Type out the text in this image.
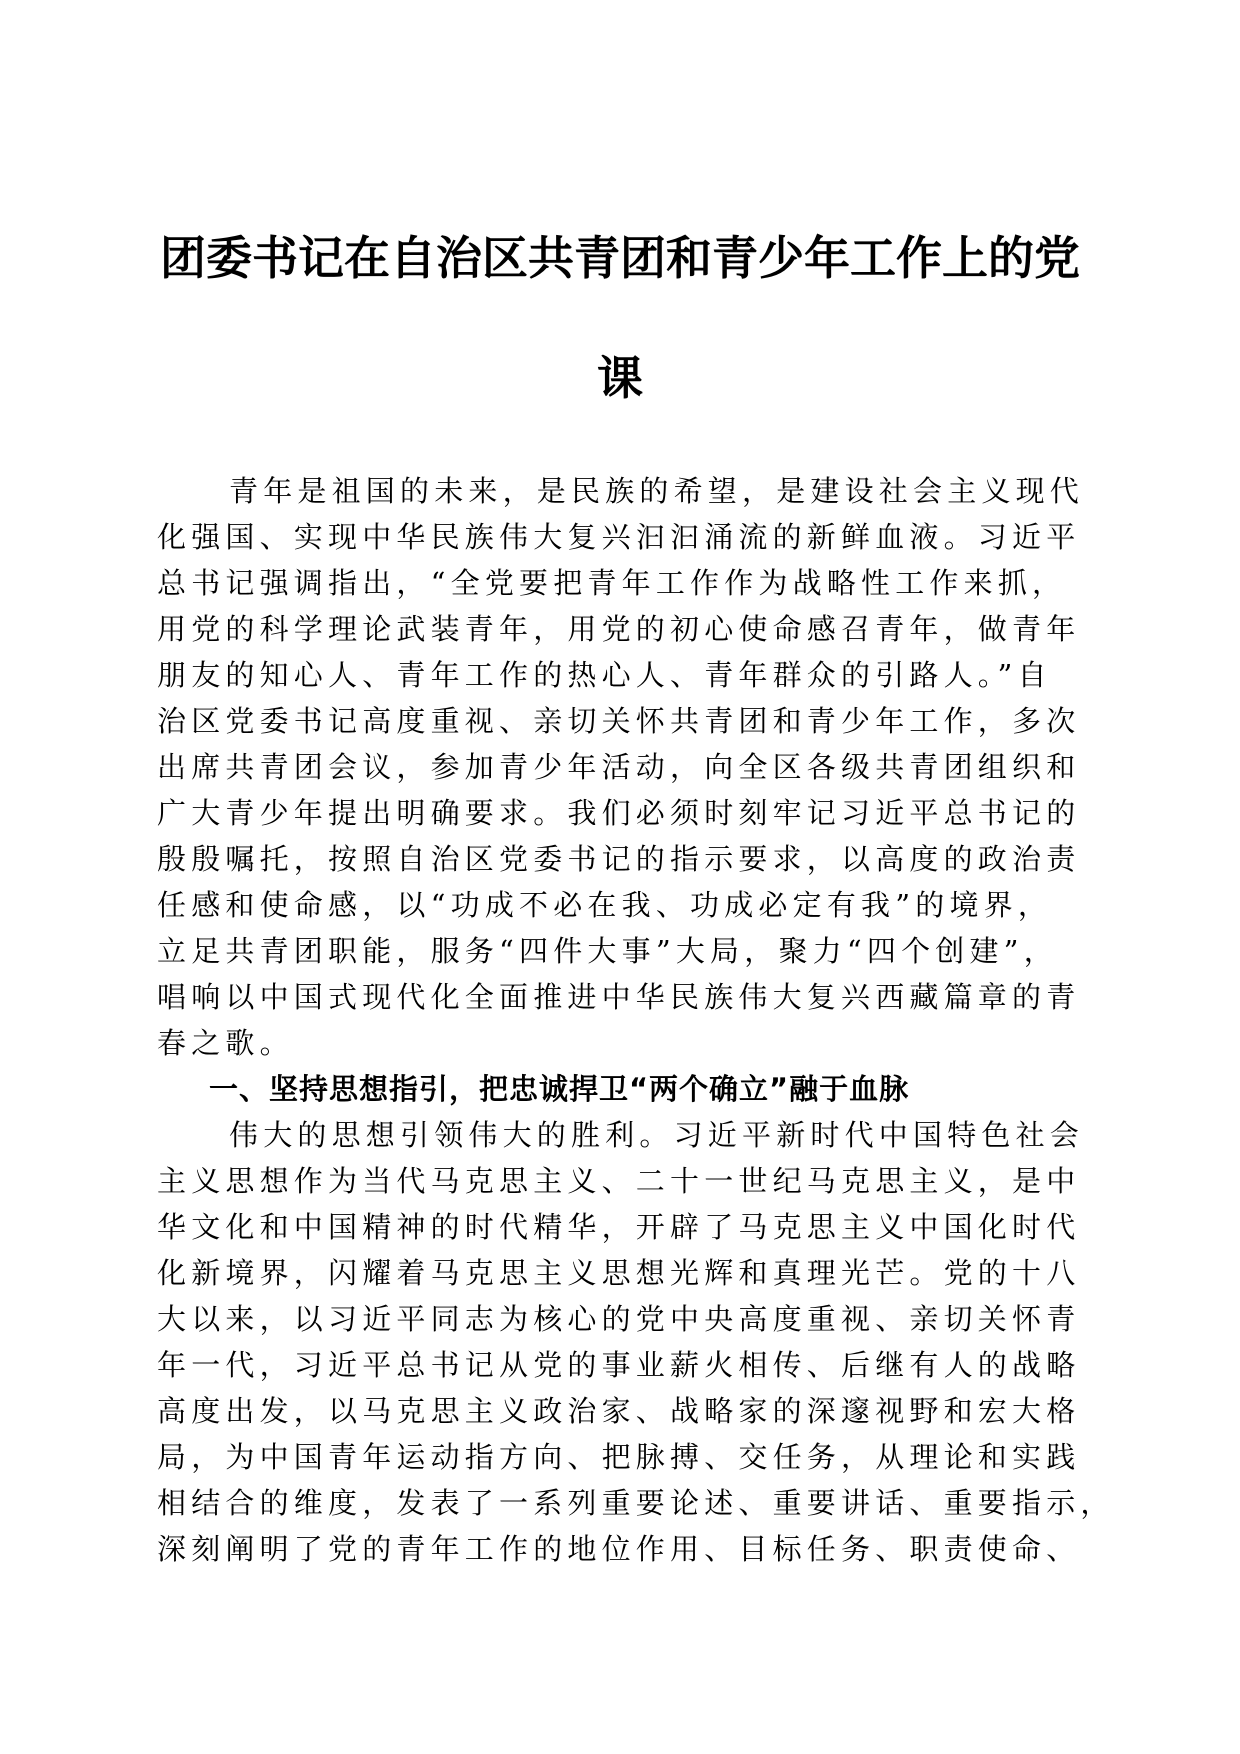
团委书记在自治区共青团和青少年工作上的党
课
青年是祖国的未来，是民族的希望，是建设社会主义现代
化强国、实现中华民族伟大复兴汩汩涌流的新鲜血液。习近平
总书记强调指出，“全党要把青年工作作为战略性工作来抓，
用党的科学理论武装青年，用党的初心使命感召青年，做青年
朋友的知心人、青年工作的热心人、青年群众的引路人。”自
治区党委书记高度重视、亲切关怀共青团和青少年工作，多次
出席共青团会议，参加青少年活动，向全区各级共青团组织和
广大青少年提出明确要求。我们必须时刻牢记习近平总书记的
殷殷嘱托，按照自治区党委书记的指示要求，以高度的政治责
任感和使命感，以“功成不必在我、功成必定有我”的境界，
立足共青团职能，服务“四件大事”大局，聚力“四个创建”，
唱响以中国式现代化全面推进中华民族伟大复兴西藏篇章的青
春之歌。
一、坚持思想指引，把忠诚捍卫“两个确立”融于血脉
伟大的思想引领伟大的胜利。习近平新时代中国特色社会
主义思想作为当代马克思主义、二十一世纪马克思主义，是中
华文化和中国精神的时代精华，开辟了马克思主义中国化时代
化新境界，闪耀着马克思主义思想光辉和真理光芒。党的十八
大以来，以习近平同志为核心的党中央高度重视、亲切关怀青
年一代，习近平总书记从党的事业薪火相传、后继有人的战略
高度出发，以马克思主义政治家、战略家的深邃视野和宏大格
局，为中国青年运动指方向、把脉搏、交任务，从理论和实践
相结合的维度，发表了一系列重要论述、重要讲话、重要指示，
深刻阐明了党的青年工作的地位作用、目标任务、职责使命、
